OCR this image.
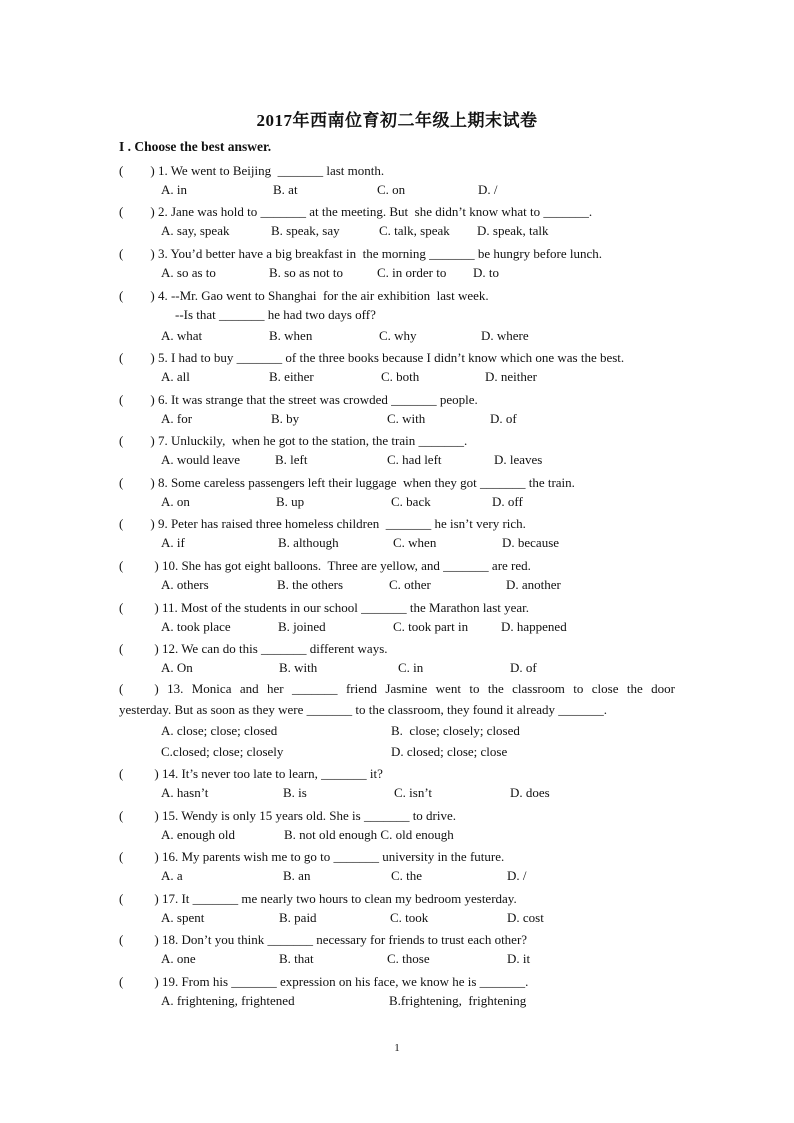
2017年西南位育初二年级上期末试卷
I . Choose the best answer.
( ) 1. We went to Beijing  _______ last month.
A. in	B. at	C. on	D. /
( ) 2. Jane was hold to _______ at the meeting. But  she didn’t know what to _______.
A. say, speak	B. speak, say	C. talk, speak D. speak, talk
( ) 3. You’d better have a big breakfast in  the morning _______ be hungry before lunch.
A. so as to	B. so as not to	C. in order to D. to
( ) 4. --Mr. Gao went to Shanghai  for the air exhibition  last week.
--Is that _______ he had two days off?
A. what	B. when	C. why	D. where
( ) 5. I had to buy _______ of the three books because I didn’t know which one was the best.
A. all	B. either	C. both	D. neither
( ) 6. It was strange that the street was crowded _______ people.
A. for	B. by	C. with	D. of
( ) 7. Unluckily,  when he got to the station, the train _______.
A. would leave	B. left	C. had left	D. leaves
( ) 8. Some careless passengers left their luggage  when they got _______ the train.
A. on	B. up	C. back	D. off
( ) 9. Peter has raised three homeless children  _______ he isn’t very rich.
A. if	B. although	C. when	D. because
( ) 10. She has got eight balloons.  Three are yellow, and _______ are red.
A. others	B. the others	C. other	D. another
( ) 11. Most of the students in our school _______ the Marathon last year.
A. took place	B. joined	C. took part in	D. happened
( ) 12. We can do this _______ different ways.
A. On	B. with	C. in	D. of
( ) 13. Monica and her _______ friend Jasmine went to the classroom to close the door
yesterday. But as soon as they were _______ to the classroom, they found it already _______.
A. close; close; closed	B.  close; closely; closed
C.closed; close; closely	D. closed; close; close
( ) 14. It’s never too late to learn, _______ it?
A. hasn’t	B. is	C. isn’t	D. does
( ) 15. Wendy is only 15 years old. She is _______ to drive.
A. enough old	B. not old enough C. old enough
( ) 16. My parents wish me to go to _______ university in the future.
A. a	B. an	C. the	D. /
( ) 17. It _______ me nearly two hours to clean my bedroom yesterday.
A. spent	B. paid	C. took	D. cost
( ) 18. Don’t you think _______ necessary for friends to trust each other?
A. one	B. that	C. those	D. it
( ) 19. From his _______ expression on his face, we know he is _______.
A. frightening, frightened	B.frightening,  frightening
1
